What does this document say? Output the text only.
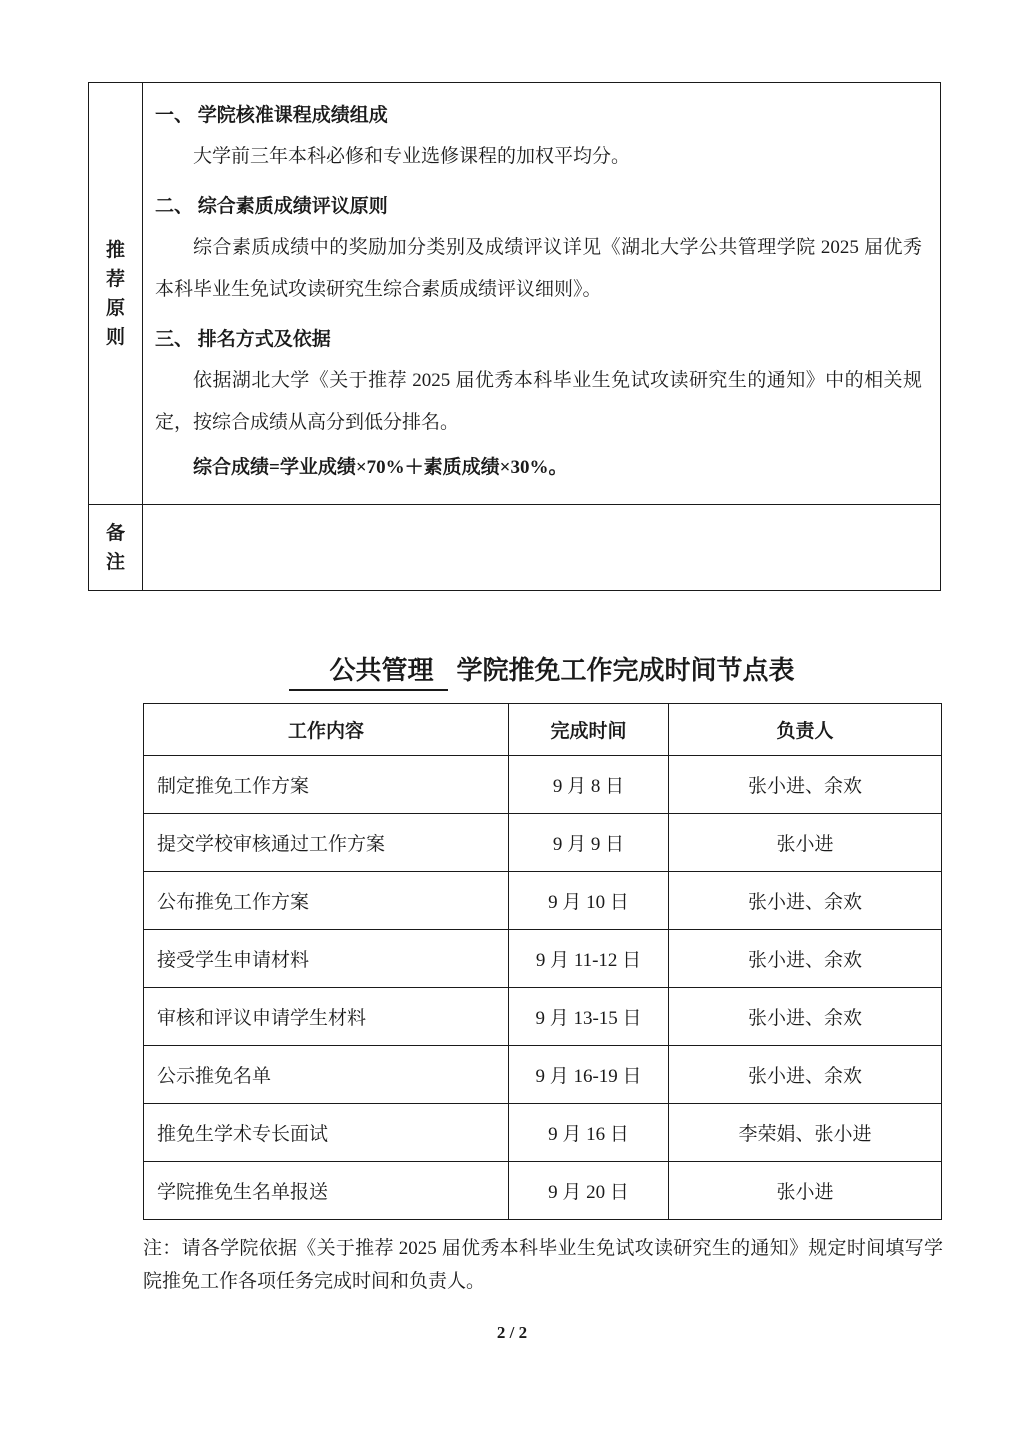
推荐原则
一、 学院核准课程成绩组成

大学前三年本科必修和专业选修课程的加权平均分。

二、 综合素质成绩评议原则

综合素质成绩中的奖励加分类别及成绩评议详见《湖北大学公共管理学院 2025 届优秀本科毕业生免试攻读研究生综合素质成绩评议细则》。

三、 排名方式及依据

依据湖北大学《关于推荐 2025 届优秀本科毕业生免试攻读研究生的通知》中的相关规定，按综合成绩从高分到低分排名。

综合成绩=学业成绩×70%＋素质成绩×30%。

备注
公共管理 学院推免工作完成时间节点表
工作内容	完成时间	负责人
制定推免工作方案	9 月 8 日	张小进、余欢
提交学校审核通过工作方案	9 月 9 日	张小进
公布推免工作方案	9 月 10 日	张小进、余欢
接受学生申请材料	9 月 11-12 日	张小进、余欢
审核和评议申请学生材料	9 月 13-15 日	张小进、余欢
公示推免名单	9 月 16-19 日	张小进、余欢
推免生学术专长面试	9 月 16 日	李荣娟、张小进
学院推免生名单报送	9 月 20 日	张小进

注：请各学院依据《关于推荐 2025 届优秀本科毕业生免试攻读研究生的通知》规定时间填写学院推免工作各项任务完成时间和负责人。

2 / 2
